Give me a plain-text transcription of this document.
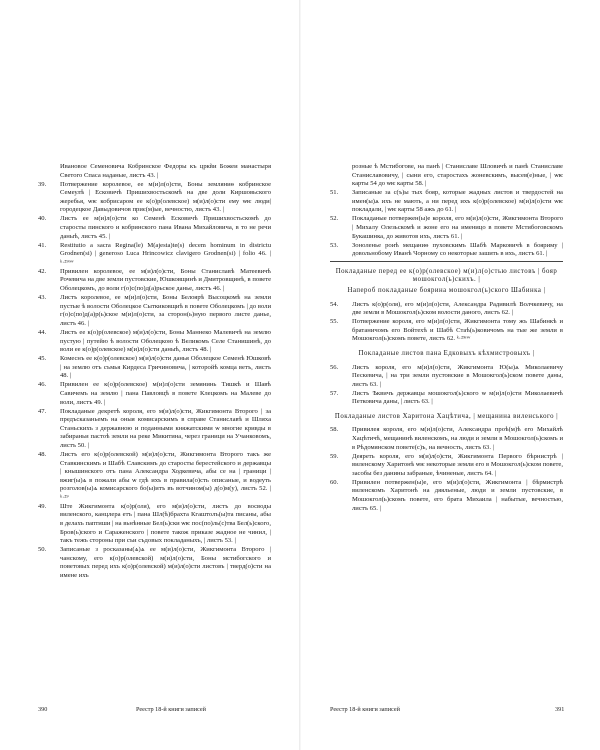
Ивановое Семеновича Кобринское Федоры къ црк̃ви Божеи манастыря Светого Спаса наданые, листъ 43. |
39.	Потвержение королевое, ее м(и)л(о)сти, Боны земляниѳ кобринское Семеулѣ | Есковичѣ Пришихвостьскомѣ на две доли Киршовьского жеребья, ѡѥ кобрисаром ее к(о)р(олевское) м(и)л(о)сти ему ѡѥ люди| городецкое Давыдовичов приє(м)ые, вечностю, листъ 43. |
40.	Листъ ее м(и)л(о)сти ко Семенѣ Есковичѣ Пришихвостьскомѣ до старосты пинского и кобринского пана Ивана Михайловича, в то не речи даныѣ, листъ 45. |
41.	Restitutio a sacra Regina(le) M(ajesta)te(s) decem hominum in districtu Grodnen(si) | generoso Luca Hrincowicz clavigero Grodnen(si) | folio 46. | ᵏ·²⁹ʳᵉᵛ
42.	Привилен королевое, ее м(и)л(о)сти, Боны Станиславѣ Матеевичѣ Рочевича на две земли пустовские, Юшковщинѣ и Дмитровщинѣ, в повете Оболецкомъ, до воли г(о)с(по)д(а)рьское данье, листъ 46. |
43.	Листъ королевое, ее м(и)л(о)сти, Боны Белоярѣ Высоцкомѣ на земли пустые ѣ волости Оболецкое Сыткиковщиѣ в повете Оболецкомъ | до воли г(о)с(по)д(а)р(ь)ское м(и)л(о)сти, за сторон(ь)ную первого листе данье, листъ 46. |
44.	Листъ ее к(о)р(олевское) м(и)л(о)сти, Боны Маннеко Малевичѣ на землю пустую | путейю ѣ волости Оболецкою ѣ Великомъ Селе Станишинѣ, до воли ее к(о)р(олевское) м(и)л(о)сти даныѣ, листъ 48. |
45.	Комеснъ ее к(о)р(олевское) м(и)л(о)сти данья Оболецкое Семенѣ Юшковѣ | на землю отъ съмья Кирдеса Гричиновича, | которойѣ комца ветъ, листъ 48. |
46.	Привилен ее к(о)р(олевское) м(и)л(о)сти земянинь Тишкѣ и Шавѣ Савичемъ на землю | пана Павловцѣ в повете Клецкомъ на Малеве до воли, листъ 49. |
47.	Покладаные декретѣ короля, его м(и)л(о)сти, Жикгимонта Второго | за предъсказаньемъ на оныя комисарскимъ в справе Станиславѣ и Шляха Станьскихъ з державною и поданными княжатскими ѡ многие кривды в забираньи пастоѣ земли на реке Микитина, через граници на Учанковомъ, листъ 50. |
48.	Листъ его к(о)р(олевской) м(и)л(о)сти, Жикгимонта Второго такъ же Ставкинскимъ и Шабѣ Славскимъ до старосты берестейского и державцы | кнышинского отъ пана Александра Ходкевича, абы се на | граници | вжиг(ы)ѧ в пожали абы ѡ гдѣ ихъ в правила(о)сть описаные, и водеуть розголов(ы)ѧ комисарского бо(ы)итъ въ вотчином(ы) д(о)м(у), листъ 52. | ᵏ·²⁹
49.	Ште Жикгимонта к(о)р(оля), его м(и)л(о)сти, листъ до восводы виленского, канцлера етъ | пана Шл(ѣ)брахта Кгаштолъ(ы)та писаны, абы в делахъ паптиши | на вьнѣнные Бел(ь)ски ѡѥ пос(по)ль(с)тва Бел(ь)ского, Бров(ь)ского и Сараженского | повете також приказе жадное не чинил, | такъ тежъ стороны при съи съдовых покладаныхъ, | листъ 53. |
50.	Записаные з росказаны(ѧ)ѧ ее м(и)л(о)сти, Жикгимонта Второго | чанскому, его к(о)р(олевской) м(и)л(о)сти, Боны мстибогского и поветовых перед ихъ к(о)р(олевской) м(и)л(о)сти листовъ | тверд(о)сти на имене ихъ
390	Реестр 18-й книги записей
розные ѣ Мстибогове, на панѣ | Станиславе Шловичѣ и панѣ Станиславе Станиславовичу, | сыни его, старостахъ жоневскимъ, высев(е)ные, | ѡѥ карты 54 до ѡѥ карты 58. |
51.	Записаные за с(ъ)ы тых бояр, которые жадных листов и твердостей на имен(ы)ѧ ихъ не мають, а ни перед ихъ к(о)р(олевское) м(и)л(о)сти ѡѥ покладали, | ѡѥ карты 58 ажъ до 61. |
52.	Покладаные потвержен(ы)е короля, его м(и)л(о)сти, Жикгимонта Второго | Михалу Олезьскомѣ и жоне его на именицо в повете Мстибоговскомъ Букашинка, до животов ихъ, листъ 61. |
53.	Зоноленье роиѣ мещаниѳ пуховскимъ Шабѣ Марковичѣ в бояриму | довольнобому Иванѣ Чорному со некоторые зашить в ихъ, листъ 61. |
Покладаные перед ее к(о)р(олевское) м(и)л(о)стью листовъ | бояр мошокгол(ь)скихъ. |
Напероб покладаные боярина мошокгол(ь)ского Шабинка |
54.	Листъ к(о)р(оля), его м(и)л(о)сти, Александра Радивилѣ Волчкевичу, на две земли в Мошокгол(ь)ском волости даного, листъ 62. |
55.	Потвержение короля, его м(и)л(о)сти, Жикгимонта тому жъ Шабинкѣ и братаничомъ его Войтехѣ и Шабѣ Стаѣ(ь)ковичомъ на тые же земли в Мошокгол(ь)скомъ повете, листъ 62. ᵏ·²⁹ʳᵉᵛ
Покладаные листов пана Едковыхъ кѣхмистровыхъ |
56.	Листъ короля, его м(и)л(о)сти, Жикгимонта Ю(ы)ѧ Миколаевичу Пескевича, | на три земли пустовские в Мошокгол(ь)ском повете даны, листъ 63. |
57.	Листъ Ѣквичъ державцы мошокгол(ь)ского ѡ м(и)л(о)сти Миколаевичѣ Петковича даны, | листъ 63. |
Покладаные листов Харитона Хацѣтича, | мещанина виленського |
58.	Привилея короля, его м(и)л(о)сти, Александра проѣ(м)ѣ его Михайлѣ Хацѣтичѣ, мещанинѣ виленскомъ, на люди и земли в Мошокгол(ь)скомъ и в Рѣдомянском повете(с)ъ, на вечность, листъ 63. |
59.	Деяреть короля, его м(и)л(о)сти, Жикгимонта Первого бѣрнистрѣ | виленскому Харитонѣ ѡѥ некоторые земли его в Мошокгол(ь)ском повете, засобы без данины забраные, ѣчиненые, листъ 64. |
60.	Привилен потвержен(ы)е, его м(и)л(о)сти, Жикгимонта | бѣрмистрѣ виленскомъ Харитонѣ на дяяльеные, люди и земли пустовские, в Мошокгол(ь)скомъ повете, его брата Михаила | набытые, вечностью, листъ 65. |
Реестр 18-й книги записей	391
